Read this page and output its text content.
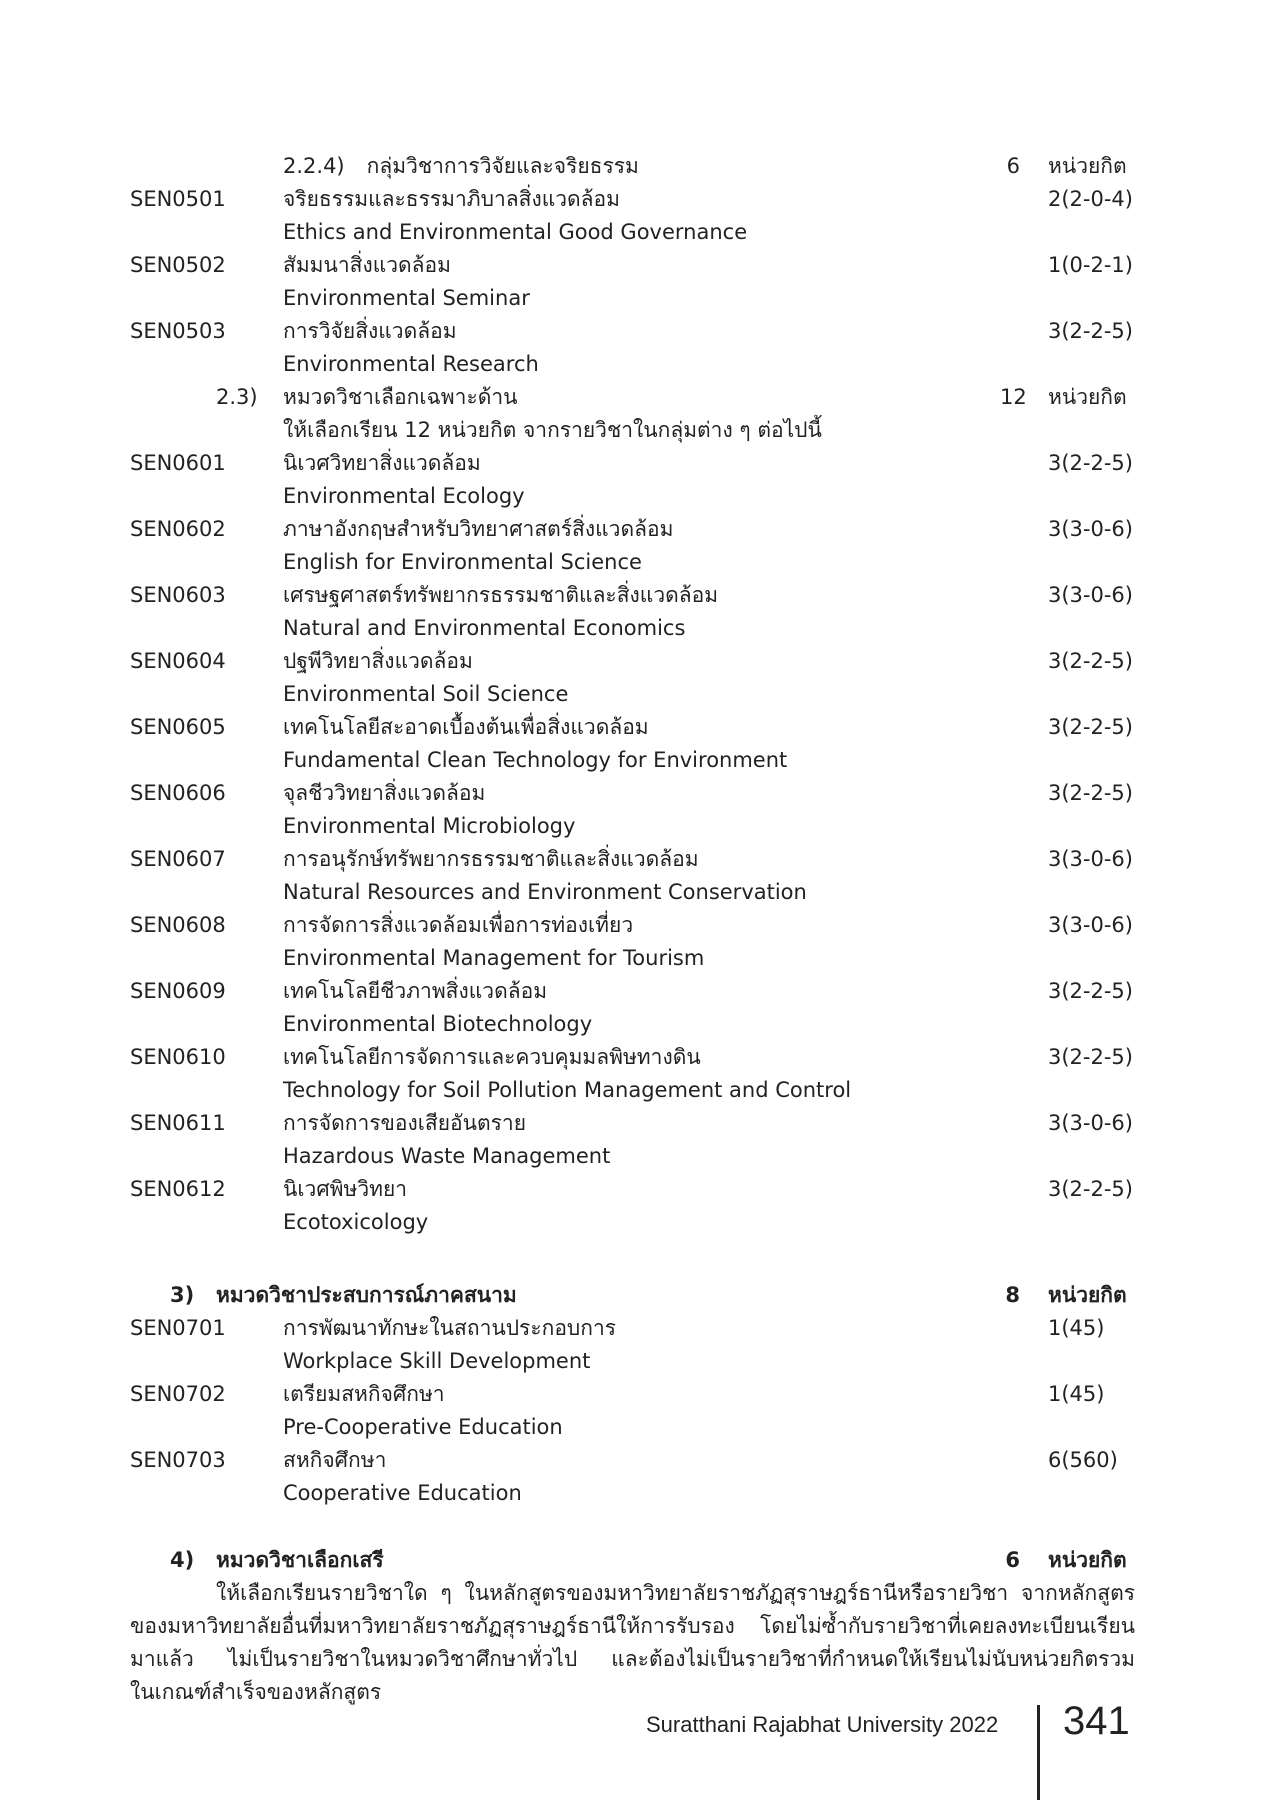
2.2.4) กลุ่มวิชาการวิจัยและจริยธรรม	6 หน่วยกิต
SEN0501	จริยธรรมและธรรมาภิบาลสิ่งแวดล้อม	2(2-0-4)
Ethics and Environmental Good Governance
SEN0502	สัมมนาสิ่งแวดล้อม	1(0-2-1)
Environmental Seminar
SEN0503	การวิจัยสิ่งแวดล้อม	3(2-2-5)
Environmental Research
2.3) หมวดวิชาเลือกเฉพาะด้าน	12 หน่วยกิต
ให้เลือกเรียน 12 หน่วยกิต จากรายวิชาในกลุ่มต่าง ๆ ต่อไปนี้
SEN0601	นิเวศวิทยาสิ่งแวดล้อม	3(2-2-5)
Environmental Ecology
SEN0602	ภาษาอังกฤษสำหรับวิทยาศาสตร์สิ่งแวดล้อม	3(3-0-6)
English for Environmental Science
SEN0603	เศรษฐศาสตร์ทรัพยากรธรรมชาติและสิ่งแวดล้อม	3(3-0-6)
Natural and Environmental Economics
SEN0604	ปฐพีวิทยาสิ่งแวดล้อม	3(2-2-5)
Environmental Soil Science
SEN0605	เทคโนโลยีสะอาดเบื้องต้นเพื่อสิ่งแวดล้อม	3(2-2-5)
Fundamental Clean Technology for Environment
SEN0606	จุลชีววิทยาสิ่งแวดล้อม	3(2-2-5)
Environmental Microbiology
SEN0607	การอนุรักษ์ทรัพยากรธรรมชาติและสิ่งแวดล้อม	3(3-0-6)
Natural Resources and Environment Conservation
SEN0608	การจัดการสิ่งแวดล้อมเพื่อการท่องเที่ยว	3(3-0-6)
Environmental Management for Tourism
SEN0609	เทคโนโลยีชีวภาพสิ่งแวดล้อม	3(2-2-5)
Environmental Biotechnology
SEN0610	เทคโนโลยีการจัดการและควบคุมมลพิษทางดิน	3(2-2-5)
Technology for Soil Pollution Management and Control
SEN0611	การจัดการของเสียอันตราย	3(3-0-6)
Hazardous Waste Management
SEN0612	นิเวศพิษวิทยา	3(2-2-5)
Ecotoxicology
3) หมวดวิชาประสบการณ์ภาคสนาม	8 หน่วยกิต
SEN0701	การพัฒนาทักษะในสถานประกอบการ	1(45)
Workplace Skill Development
SEN0702	เตรียมสหกิจศึกษา	1(45)
Pre-Cooperative Education
SEN0703	สหกิจศึกษา	6(560)
Cooperative Education
4) หมวดวิชาเลือกเสรี	6 หน่วยกิต
ให้เลือกเรียนรายวิชาใด ๆ ในหลักสูตรของมหาวิทยาลัยราชภัฏสุราษฎร์ธานีหรือรายวิชา จากหลักสูตร
ของมหาวิทยาลัยอื่นที่มหาวิทยาลัยราชภัฏสุราษฎร์ธานีให้การรับรอง โดยไม่ซ้ำกับรายวิชาที่เคยลงทะเบียนเรียน
มาแล้ว ไม่เป็นรายวิชาในหมวดวิชาศึกษาทั่วไป และต้องไม่เป็นรายวิชาที่กำหนดให้เรียนไม่นับหน่วยกิตรวม
ในเกณฑ์สำเร็จของหลักสูตร
Suratthani Rajabhat University 2022 341
